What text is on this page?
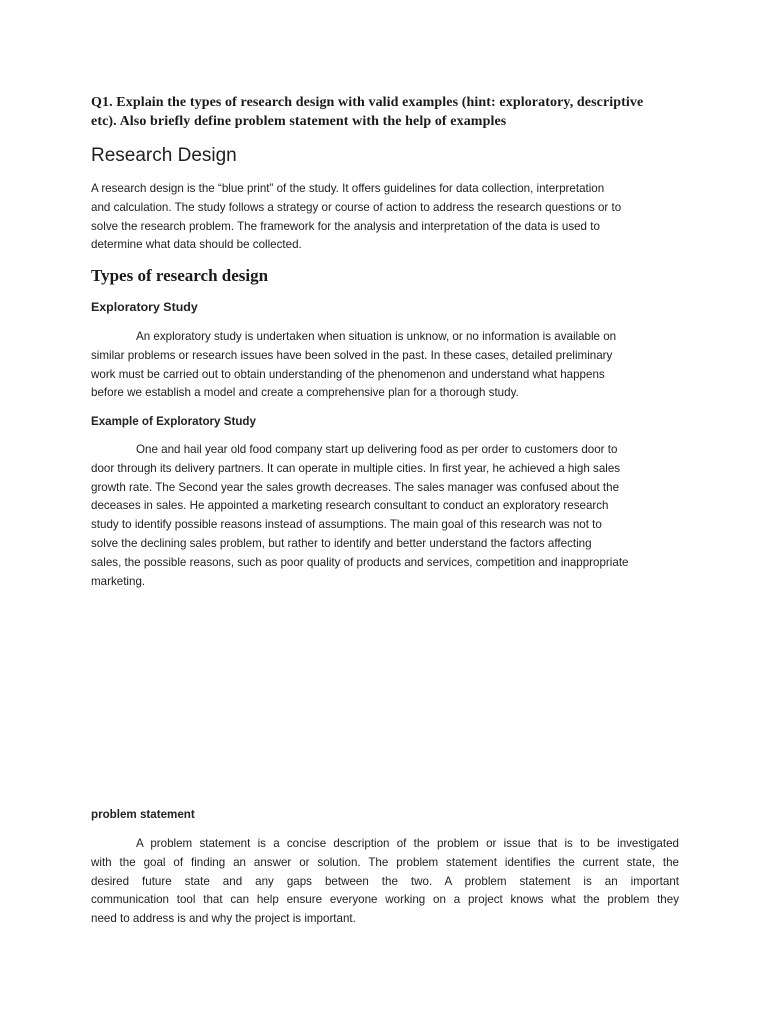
Q1. Explain the types of research design with valid examples (hint: exploratory, descriptive
etc). Also briefly define problem statement with the help of examples

Research Design

A research design is the “blue print” of the study. It offers guidelines for data collection, interpretation
and calculation. The study follows a strategy or course of action to address the research questions or to
solve the research problem. The framework for the analysis and interpretation of the data is used to
determine what data should be collected.

Types of research design
Exploratory Study

An exploratory study is undertaken when situation is unknow, or no information is available on
similar problems or research issues have been solved in the past. In these cases, detailed preliminary
work must be carried out to obtain understanding of the phenomenon and understand what happens
before we establish a model and create a comprehensive plan for a thorough study.

Example of Exploratory Study

One and hail year old food company start up delivering food as per order to customers door to
door through its delivery partners. It can operate in multiple cities. In first year, he achieved a high sales
growth rate. The Second year the sales growth decreases. The sales manager was confused about the
deceases in sales. He appointed a marketing research consultant to conduct an exploratory research
study to identify possible reasons instead of assumptions. The main goal of this research was not to
solve the declining sales problem, but rather to identify and better understand the factors affecting
sales, the possible reasons, such as poor quality of products and services, competition and inappropriate
marketing.

problem statement

A problem statement is a concise description of the problem or issue that is to be investigated
with the goal of finding an answer or solution. The problem statement identifies the current state, the
desired future state and any gaps between the two. A problem statement is an important
communication tool that can help ensure everyone working on a project knows what the problem they
need to address is and why the project is important.
